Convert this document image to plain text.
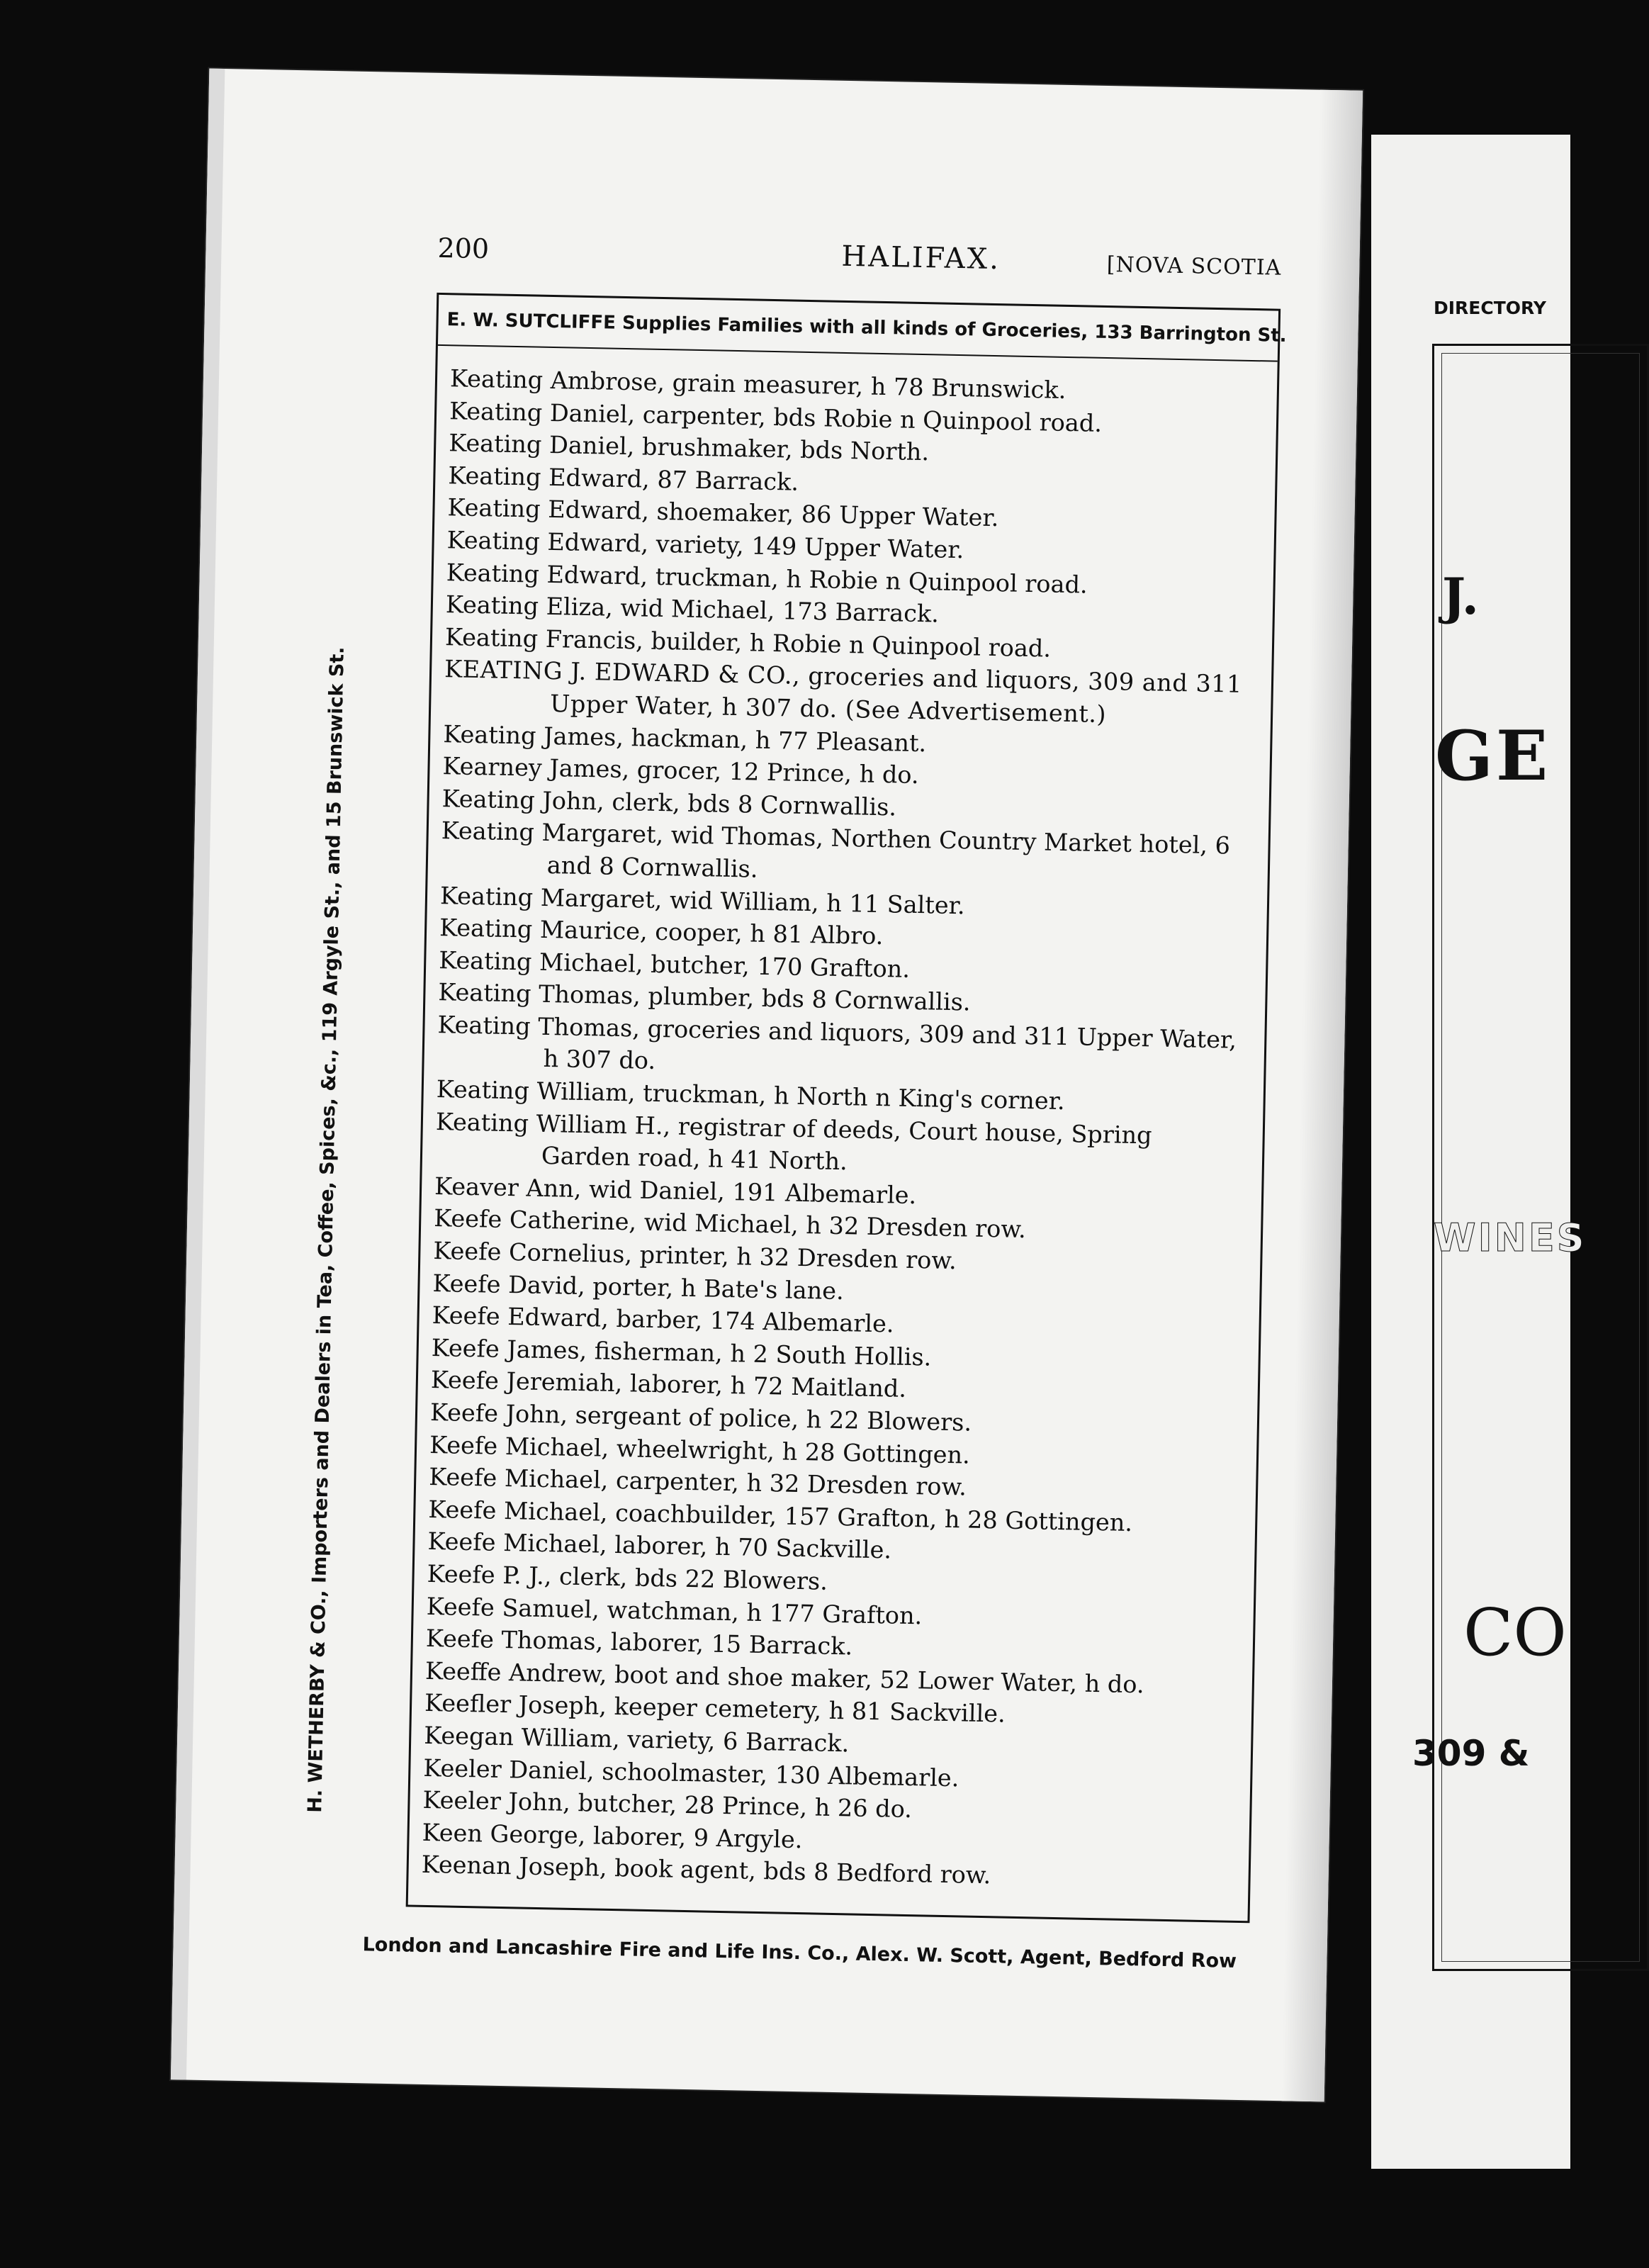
200	HALIFAX.	[NOVA SCOTIA
E. W. SUTCLIFFE Supplies Families with all kinds of Groceries, 133 Barrington St.
Keating Ambrose, grain measurer, h 78 Brunswick.
Keating Daniel, carpenter, bds Robie n Quinpool road.
Keating Daniel, brushmaker, bds North.
Keating Edward, 87 Barrack.
Keating Edward, shoemaker, 86 Upper Water.
Keating Edward, variety, 149 Upper Water.
Keating Edward, truckman, h Robie n Quinpool road.
Keating Eliza, wid Michael, 173 Barrack.
Keating Francis, builder, h Robie n Quinpool road.
KEATING J. EDWARD & CO., groceries and liquors, 309 and 311 Upper Water, h 307 do. (See Advertisement.)
Keating James, hackman, h 77 Pleasant.
Kearney James, grocer, 12 Prince, h do.
Keating John, clerk, bds 8 Cornwallis.
Keating Margaret, wid Thomas, Northen Country Market hotel, 6 and 8 Cornwallis.
Keating Margaret, wid William, h 11 Salter.
Keating Maurice, cooper, h 81 Albro.
Keating Michael, butcher, 170 Grafton.
Keating Thomas, plumber, bds 8 Cornwallis.
Keating Thomas, groceries and liquors, 309 and 311 Upper Water, h 307 do.
Keating William, truckman, h North n King's corner.
Keating William H., registrar of deeds, Court house, Spring Garden road, h 41 North.
Keaver Ann, wid Daniel, 191 Albemarle.
Keefe Catherine, wid Michael, h 32 Dresden row.
Keefe Cornelius, printer, h 32 Dresden row.
Keefe David, porter, h Bate's lane.
Keefe Edward, barber, 174 Albemarle.
Keefe James, fisherman, h 2 South Hollis.
Keefe Jeremiah, laborer, h 72 Maitland.
Keefe John, sergeant of police, h 22 Blowers.
Keefe Michael, wheelwright, h 28 Gottingen.
Keefe Michael, carpenter, h 32 Dresden row.
Keefe Michael, coachbuilder, 157 Grafton, h 28 Gottingen.
Keefe Michael, laborer, h 70 Sackville.
Keefe P. J., clerk, bds 22 Blowers.
Keefe Samuel, watchman, h 177 Grafton.
Keefe Thomas, laborer, 15 Barrack.
Keeffe Andrew, boot and shoe maker, 52 Lower Water, h do.
Keefler Joseph, keeper cemetery, h 81 Sackville.
Keegan William, variety, 6 Barrack.
Keeler Daniel, schoolmaster, 130 Albemarle.
Keeler John, butcher, 28 Prince, h 26 do.
Keen George, laborer, 9 Argyle.
Keenan Joseph, book agent, bds 8 Bedford row.
H. WETHERBY & CO., Importers and Dealers in Tea, Coffee, Spices, &c., 119 Argyle St., and 15 Brunswick St.
London and Lancashire Fire and Life Ins. Co., Alex. W. Scott, Agent, Bedford Row
DIRECTORY
J.
GE
WINES
CO
309 &
